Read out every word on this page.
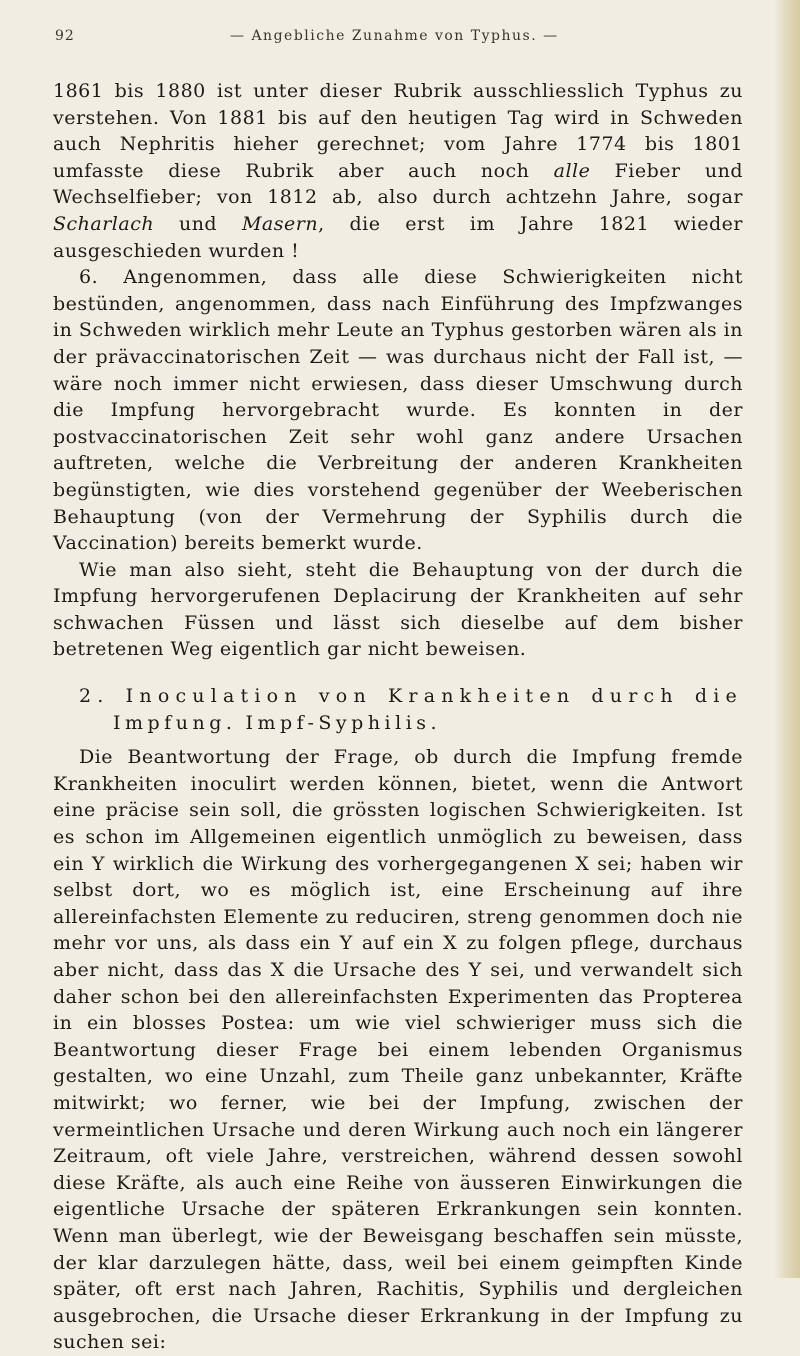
92	— Angebliche Zunahme von Typhus. —

1861 bis 1880 ist unter dieser Rubrik ausschliesslich Typhus zu verstehen. Von 1881 bis auf den heutigen Tag wird in Schweden auch Nephritis hieher gerechnet; vom Jahre 1774 bis 1801 umfasste diese Rubrik aber auch noch alle Fieber und Wechselfieber; von 1812 ab, also durch achtzehn Jahre, sogar Scharlach und Masern, die erst im Jahre 1821 wieder ausgeschieden wurden !

6. Angenommen, dass alle diese Schwierigkeiten nicht bestünden, angenommen, dass nach Einführung des Impfzwanges in Schweden wirklich mehr Leute an Typhus gestorben wären als in der prävaccinatorischen Zeit — was durchaus nicht der Fall ist, — wäre noch immer nicht erwiesen, dass dieser Umschwung durch die Impfung hervorgebracht wurde. Es konnten in der postvaccinatorischen Zeit sehr wohl ganz andere Ursachen auftreten, welche die Verbreitung der anderen Krankheiten begünstigten, wie dies vorstehend gegenüber der Weeberischen Behauptung (von der Vermehrung der Syphilis durch die Vaccination) bereits bemerkt wurde.

Wie man also sieht, steht die Behauptung von der durch die Impfung hervorgerufenen Deplacirung der Krankheiten auf sehr schwachen Füssen und lässt sich dieselbe auf dem bisher betretenen Weg eigentlich gar nicht beweisen.

2. Inoculation von Krankheiten durch die
Impfung. Impf-Syphilis.

Die Beantwortung der Frage, ob durch die Impfung fremde Krankheiten inoculirt werden können, bietet, wenn die Antwort eine präcise sein soll, die grössten logischen Schwierigkeiten. Ist es schon im Allgemeinen eigentlich unmöglich zu beweisen, dass ein Y wirklich die Wirkung des vorhergegangenen X sei; haben wir selbst dort, wo es möglich ist, eine Erscheinung auf ihre allereinfachsten Elemente zu reduciren, streng genommen doch nie mehr vor uns, als dass ein Y auf ein X zu folgen pflege, durchaus aber nicht, dass das X die Ursache des Y sei, und verwandelt sich daher schon bei den allereinfachsten Experimenten das Propterea in ein blosses Postea: um wie viel schwieriger muss sich die Beantwortung dieser Frage bei einem lebenden Organismus gestalten, wo eine Unzahl, zum Theile ganz unbekannter, Kräfte mitwirkt; wo ferner, wie bei der Impfung, zwischen der vermeintlichen Ursache und deren Wirkung auch noch ein längerer Zeitraum, oft viele Jahre, verstreichen, während dessen sowohl diese Kräfte, als auch eine Reihe von äusseren Einwirkungen die eigentliche Ursache der späteren Erkrankungen sein konnten. Wenn man überlegt, wie der Beweisgang beschaffen sein müsste, der klar darzulegen hätte, dass, weil bei einem geimpften Kinde später, oft erst nach Jahren, Rachitis, Syphilis und dergleichen ausgebrochen, die Ursache dieser Erkrankung in der Impfung zu suchen sei:
